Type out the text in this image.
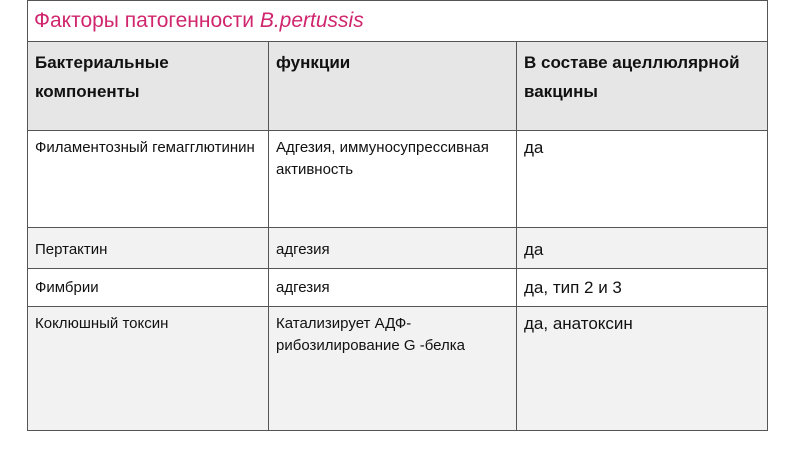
Факторы патогенности B.pertussis		
Бактериальные компоненты	функции	В составе ацеллюлярной вакцины
Филаментозный гемагглютинин	Адгезия, иммуносупрессивная активность	да
Пертактин	адгезия	да
Фимбрии	адгезия	да, тип 2 и 3
Коклюшный токсин	Катализирует АДФ-рибозилирование G -белка	да, анатоксин
